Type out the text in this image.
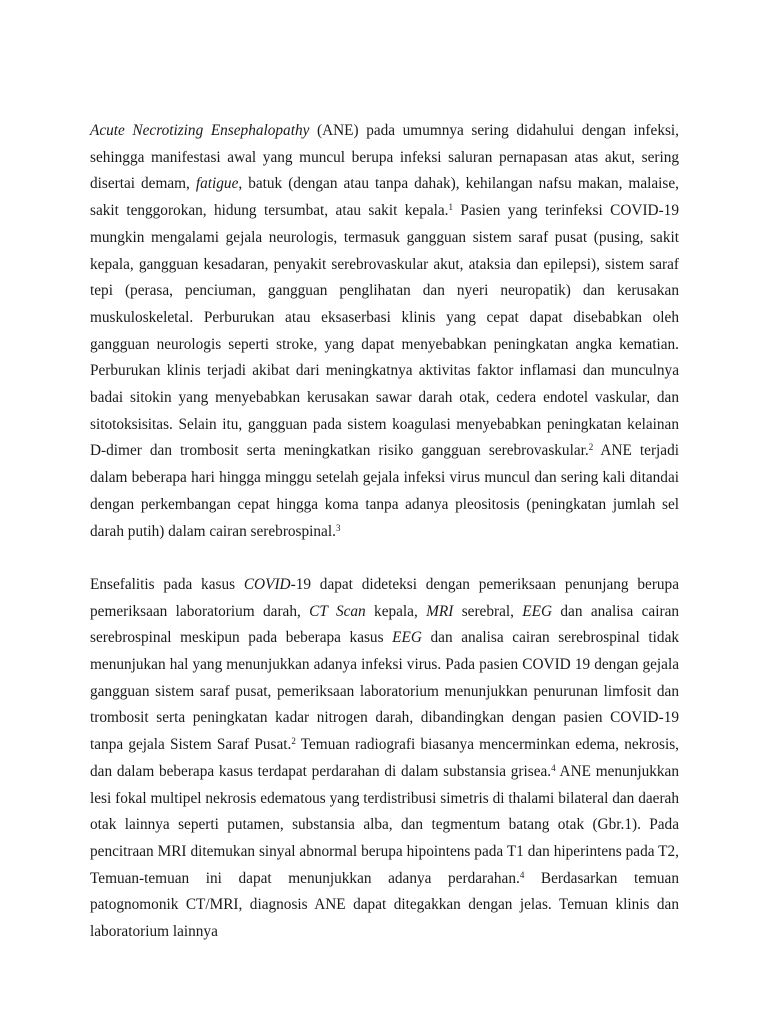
Acute Necrotizing Ensephalopathy (ANE) pada umumnya sering didahului dengan infeksi, sehingga manifestasi awal yang muncul berupa infeksi saluran pernapasan atas akut, sering disertai demam, fatigue, batuk (dengan atau tanpa dahak), kehilangan nafsu makan, malaise, sakit tenggorokan, hidung tersumbat, atau sakit kepala.$^1$ Pasien yang terinfeksi COVID-19 mungkin mengalami gejala neurologis, termasuk gangguan sistem saraf pusat (pusing, sakit kepala, gangguan kesadaran, penyakit serebrovaskular akut, ataksia dan epilepsi), sistem saraf tepi (perasa, penciuman, gangguan penglihatan dan nyeri neuropatik) dan kerusakan muskuloskeletal. Perburukan atau eksaserbasi klinis yang cepat dapat disebabkan oleh gangguan neurologis seperti stroke, yang dapat menyebabkan peningkatan angka kematian. Perburukan klinis terjadi akibat dari meningkatnya aktivitas faktor inflamasi dan munculnya badai sitokin yang menyebabkan kerusakan sawar darah otak, cedera endotel vaskular, dan sitotoksisitas. Selain itu, gangguan pada sistem koagulasi menyebabkan peningkatan kelainan D-dimer dan trombosit serta meningkatkan risiko gangguan serebrovaskular.$^2$ ANE terjadi dalam beberapa hari hingga minggu setelah gejala infeksi virus muncul dan sering kali ditandai dengan perkembangan cepat hingga koma tanpa adanya pleositosis (peningkatan jumlah sel darah putih) dalam cairan serebrospinal.$^3$

Ensefalitis pada kasus COVID-19 dapat dideteksi dengan pemeriksaan penunjang berupa pemeriksaan laboratorium darah, CT Scan kepala, MRI serebral, EEG dan analisa cairan serebrospinal meskipun pada beberapa kasus EEG dan analisa cairan serebrospinal tidak menunjukan hal yang menunjukkan adanya infeksi virus. Pada pasien COVID 19 dengan gejala gangguan sistem saraf pusat, pemeriksaan laboratorium menunjukkan penurunan limfosit dan trombosit serta peningkatan kadar nitrogen darah, dibandingkan dengan pasien COVID-19 tanpa gejala Sistem Saraf Pusat.$^2$ Temuan radiografi biasanya mencerminkan edema, nekrosis, dan dalam beberapa kasus terdapat perdarahan di dalam substansia grisea.$^4$ ANE menunjukkan lesi fokal multipel nekrosis edematous yang terdistribusi simetris di thalami bilateral dan daerah otak lainnya seperti putamen, substansia alba, dan tegmentum batang otak (Gbr.1). Pada pencitraan MRI ditemukan sinyal abnormal berupa hipointens pada T1 dan hiperintens pada T2, Temuan-temuan ini dapat menunjukkan adanya perdarahan.$^4$ Berdasarkan temuan patognomonik CT/MRI, diagnosis ANE dapat ditegakkan dengan jelas. Temuan klinis dan laboratorium lainnya
